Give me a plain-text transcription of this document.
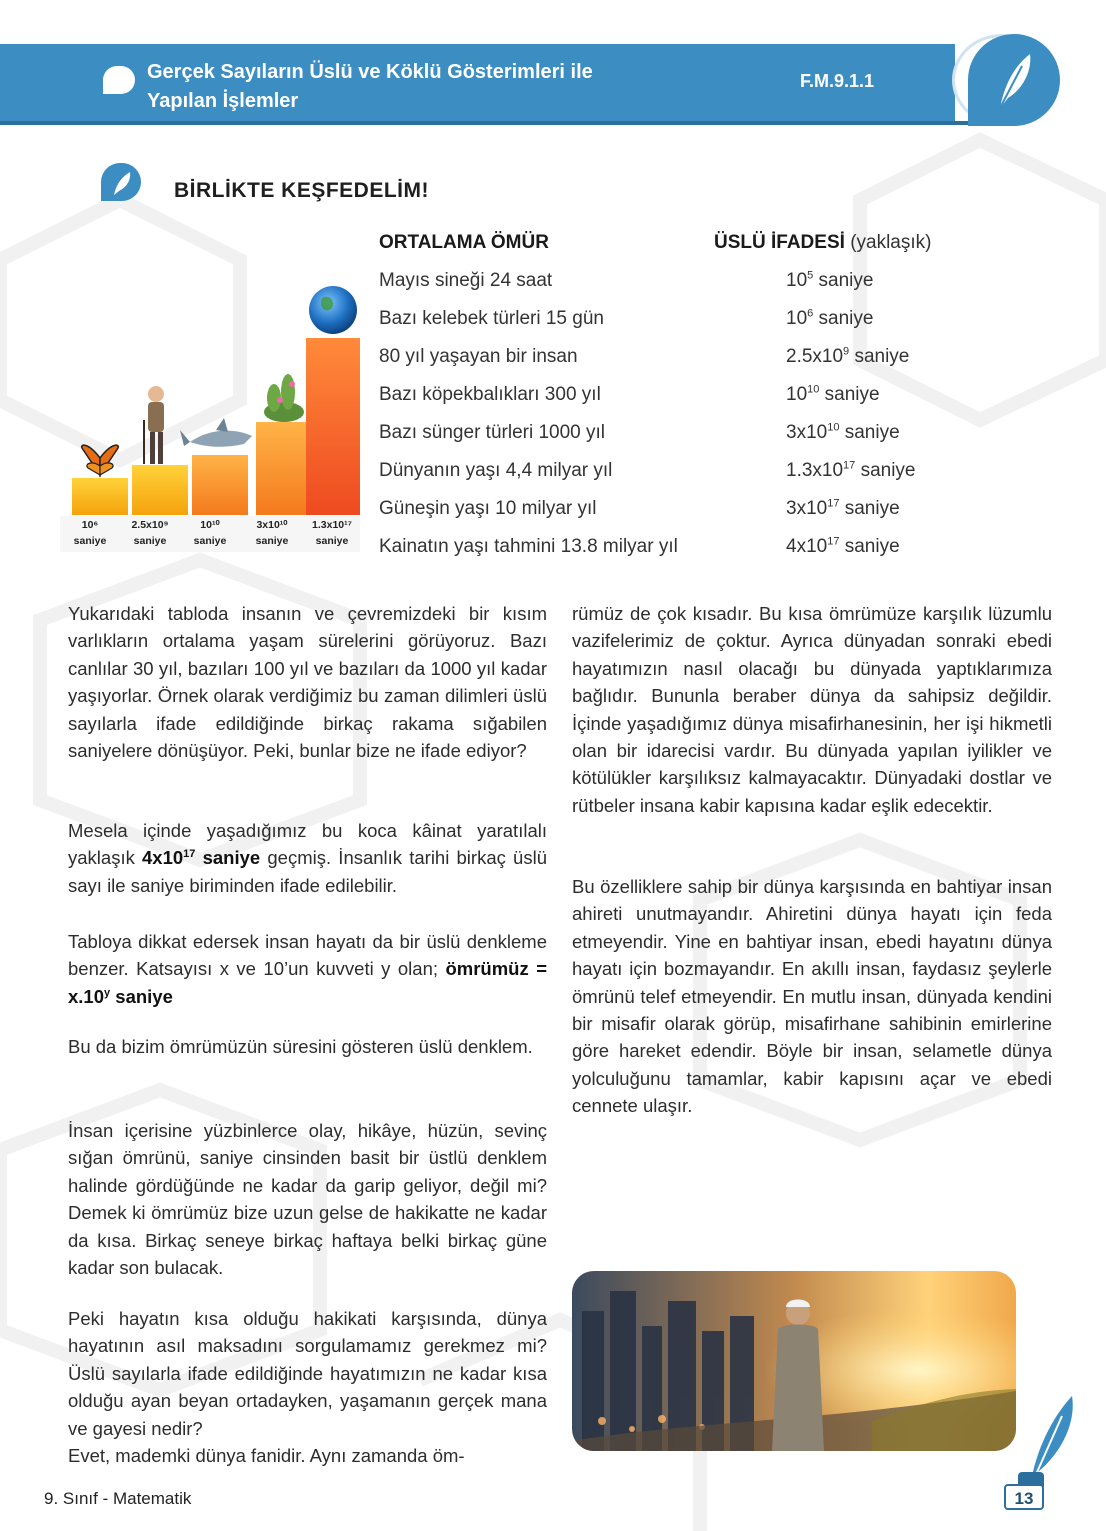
Gerçek Sayıların Üslü ve Köklü Gösterimleri ile
Yapılan İşlemler
F.M.9.1.1
BİRLİKTE KEŞFEDELİM!
ORTALAMA ÖMÜR	ÜSLÜ İFADESİ (yaklaşık)
Mayıs sineği 24 saat	$10^5$ saniye
Bazı kelebek türleri 15 gün	$10^6$ saniye
80 yıl yaşayan bir insan	$2.5x10^9$ saniye
Bazı köpekbalıkları 300 yıl	$10^{10}$ saniye
Bazı sünger türleri 1000 yıl	$3x10^{10}$ saniye
Dünyanın yaşı 4,4 milyar yıl	$1.3x10^{17}$ saniye
Güneşin yaşı 10 milyar yıl	$3x10^{17}$ saniye
Kainatın yaşı tahmini 13.8 milyar yıl	$4x10^{17}$ saniye
10⁶
saniye
2.5x10⁹
saniye
10¹⁰
saniye
3x10¹⁰
saniye
1.3x10¹⁷
saniye
Yukarıdaki tabloda insanın ve çevremizdeki bir kısım varlıkların ortalama yaşam sürelerini görüyoruz. Bazı canlılar 30 yıl, bazıları 100 yıl ve bazıları da 1000 yıl kadar yaşıyorlar. Örnek olarak verdiğimiz bu zaman dilimleri üslü sayılarla ifade edildiğinde birkaç rakama sığabilen saniyelere dönüşüyor. Peki, bunlar bize ne ifade ediyor?
Mesela içinde yaşadığımız bu koca kâinat yaratılalı yaklaşık $4x10^{17}$ saniye geçmiş. İnsanlık tarihi birkaç üslü sayı ile saniye biriminden ifade edilebilir.
Tabloya dikkat edersek insan hayatı da bir üslü denkleme benzer. Katsayısı x ve 10’un kuvveti y olan; ömrümüz = $x.10^y$ saniye
Bu da bizim ömrümüzün süresini gösteren üslü denklem.
İnsan içerisine yüzbinlerce olay, hikâye, hüzün, sevinç sığan ömrünü, saniye cinsinden basit bir üstlü denklem halinde gördüğünde ne kadar da garip geliyor, değil mi? Demek ki ömrümüz bize uzun gelse de hakikatte ne kadar da kısa. Birkaç seneye birkaç haftaya belki birkaç güne kadar son bulacak.
Peki hayatın kısa olduğu hakikati karşısında, dünya hayatının asıl maksadını sorgulamamız gerekmez mi? Üslü sayılarla ifade edildiğinde hayatımızın ne kadar kısa olduğu ayan beyan ortadayken, yaşamanın gerçek mana ve gayesi nedir?
Evet, mademki dünya fanidir. Aynı zamanda öm-
rümüz de çok kısadır. Bu kısa ömrümüze karşılık lüzumlu vazifelerimiz de çoktur. Ayrıca dünyadan sonraki ebedi hayatımızın nasıl olacağı bu dünyada yaptıklarımıza bağlıdır. Bununla beraber dünya da sahipsiz değildir. İçinde yaşadığımız dünya misafirhanesinin, her işi hikmetli olan bir idarecisi vardır. Bu dünyada yapılan iyilikler ve kötülükler karşılıksız kalmayacaktır. Dünyadaki dostlar ve rütbeler insana kabir kapısına kadar eşlik edecektir.
Bu özelliklere sahip bir dünya karşısında en bahtiyar insan ahireti unutmayandır. Ahiretini dünya hayatı için feda etmeyendir. Yine en bahtiyar insan, ebedi hayatını dünya hayatı için bozmayandır. En akıllı insan, faydasız şeylerle ömrünü telef etmeyendir. En mutlu insan, dünyada kendini bir misafir olarak görüp, misafirhane sahibinin emirlerine göre hareket edendir. Böyle bir insan, selametle dünya yolculuğunu tamamlar, kabir kapısını açar ve ebedi cennete ulaşır.
9. Sınıf - Matematik	13
